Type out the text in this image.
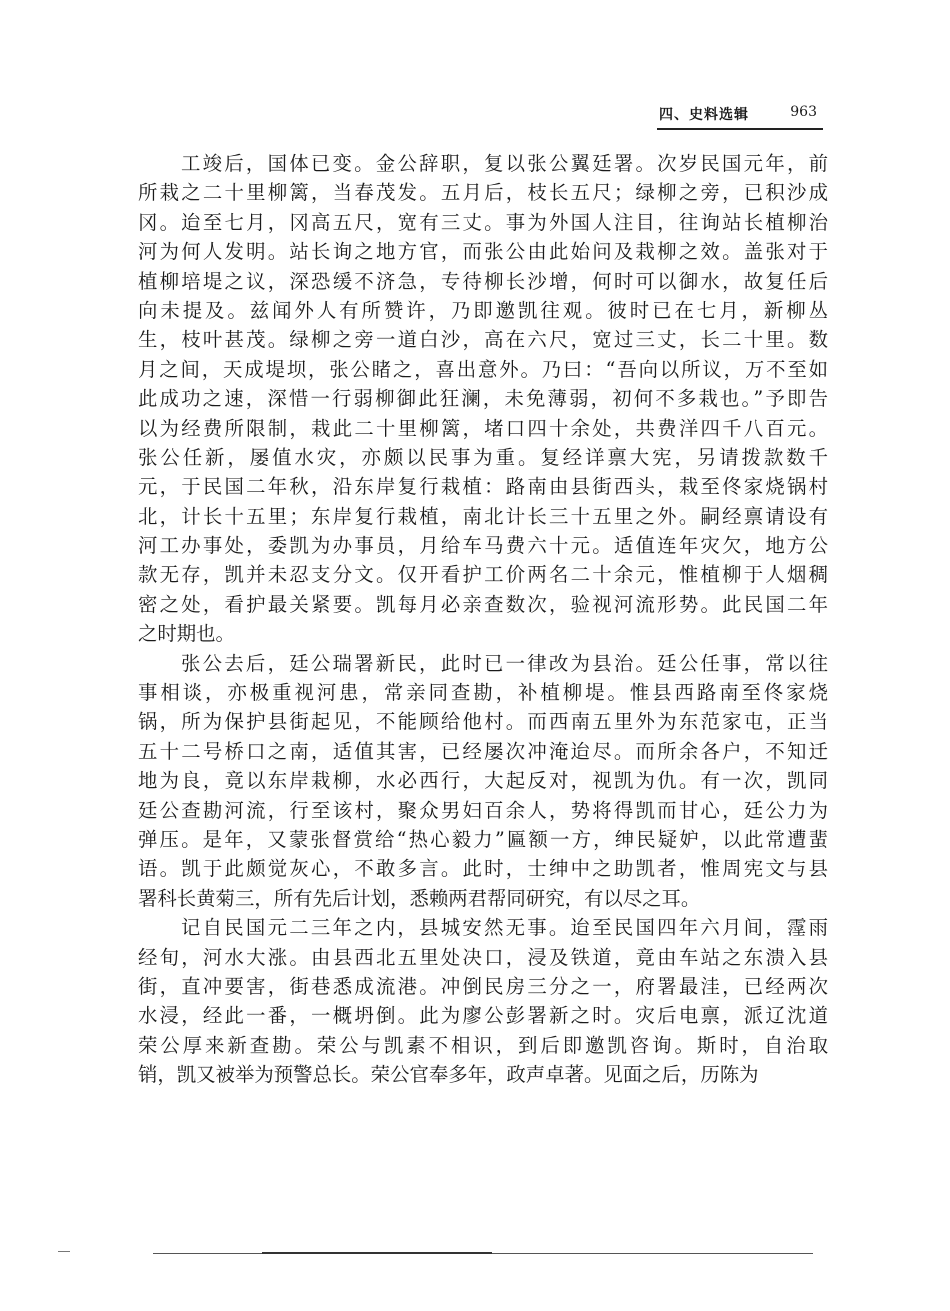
四、史料选辑	963
工竣后，国体已变。金公辞职，复以张公翼廷署。次岁民国元年，前
所栽之二十里柳篱，当春茂发。五月后，枝长五尺；绿柳之旁，已积沙成
冈。迨至七月，冈高五尺，宽有三丈。事为外国人注目，往询站长植柳治
河为何人发明。站长询之地方官，而张公由此始问及栽柳之效。盖张对于
植柳培堤之议，深恐缓不济急，专待柳长沙增，何时可以御水，故复任后
向未提及。兹闻外人有所赞许，乃即邀凯往观。彼时已在七月，新柳丛
生，枝叶甚茂。绿柳之旁一道白沙，高在六尺，宽过三丈，长二十里。数
月之间，天成堤坝，张公睹之，喜出意外。乃曰：“吾向以所议，万不至如
此成功之速，深惜一行弱柳御此狂澜，未免薄弱，初何不多栽也。”予即告
以为经费所限制，栽此二十里柳篱，堵口四十余处，共费洋四千八百元。
张公任新，屡值水灾，亦颇以民事为重。复经详禀大宪，另请拨款数千
元，于民国二年秋，沿东岸复行栽植：路南由县街西头，栽至佟家烧锅村
北，计长十五里；东岸复行栽植，南北计长三十五里之外。嗣经禀请设有
河工办事处，委凯为办事员，月给车马费六十元。适值连年灾欠，地方公
款无存，凯并未忍支分文。仅开看护工价两名二十余元，惟植柳于人烟稠
密之处，看护最关紧要。凯每月必亲查数次，验视河流形势。此民国二年
之时期也。
张公去后，廷公瑞署新民，此时已一律改为县治。廷公任事，常以往
事相谈，亦极重视河患，常亲同查勘，补植柳堤。惟县西路南至佟家烧
锅，所为保护县街起见，不能顾给他村。而西南五里外为东范家屯，正当
五十二号桥口之南，适值其害，已经屡次冲淹迨尽。而所余各户，不知迁
地为良，竟以东岸栽柳，水必西行，大起反对，视凯为仇。有一次，凯同
廷公查勘河流，行至该村，聚众男妇百余人，势将得凯而甘心，廷公力为
弹压。是年，又蒙张督赏给“热心毅力”匾额一方，绅民疑妒，以此常遭蜚
语。凯于此颇觉灰心，不敢多言。此时，士绅中之助凯者，惟周宪文与县
署科长黄菊三，所有先后计划，悉赖两君帮同研究，有以尽之耳。
记自民国元二三年之内，县城安然无事。迨至民国四年六月间，霪雨
经旬，河水大涨。由县西北五里处决口，浸及铁道，竟由车站之东溃入县
街，直冲要害，街巷悉成流港。冲倒民房三分之一，府署最洼，已经两次
水浸，经此一番，一概坍倒。此为廖公彭署新之时。灾后电禀，派辽沈道
荣公厚来新查勘。荣公与凯素不相识，到后即邀凯咨询。斯时，自治取
销，凯又被举为预警总长。荣公官奉多年，政声卓著。见面之后，历陈为
